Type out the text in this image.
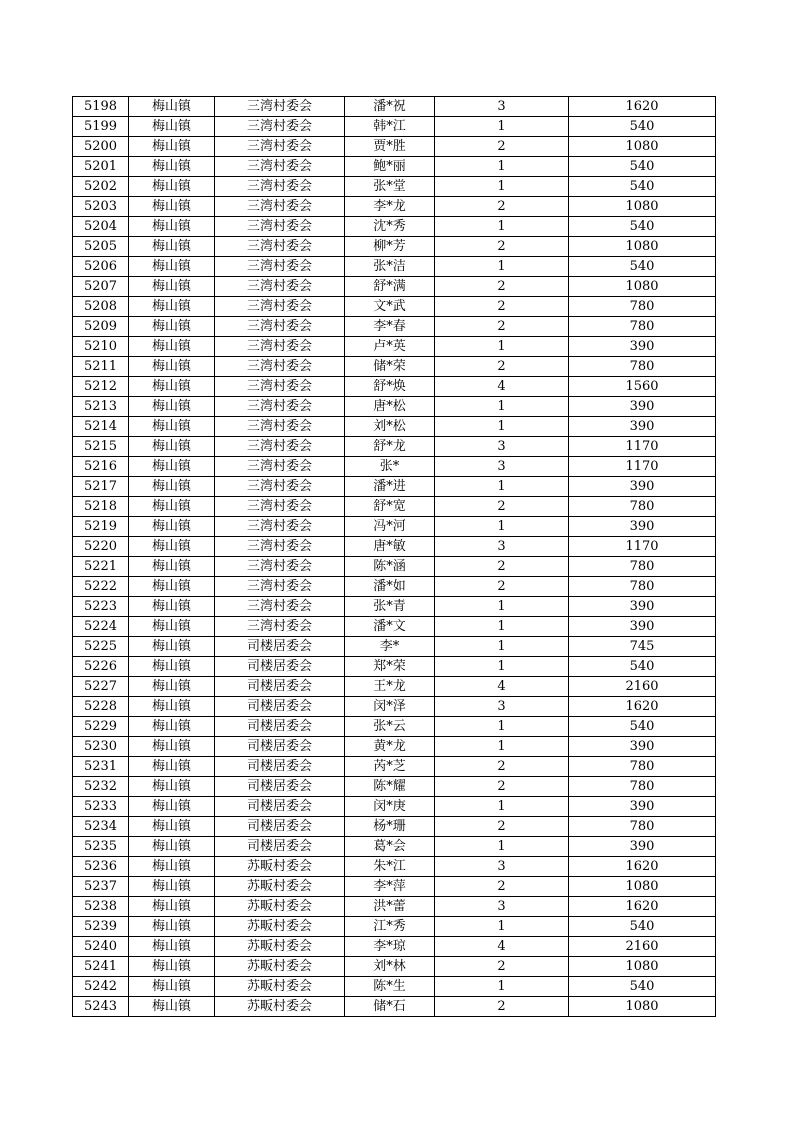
5198	梅山镇	三湾村委会	潘*祝	3	1620
5199	梅山镇	三湾村委会	韩*江	1	540
5200	梅山镇	三湾村委会	贾*胜	2	1080
5201	梅山镇	三湾村委会	鲍*丽	1	540
5202	梅山镇	三湾村委会	张*堂	1	540
5203	梅山镇	三湾村委会	李*龙	2	1080
5204	梅山镇	三湾村委会	沈*秀	1	540
5205	梅山镇	三湾村委会	柳*芳	2	1080
5206	梅山镇	三湾村委会	张*洁	1	540
5207	梅山镇	三湾村委会	舒*满	2	1080
5208	梅山镇	三湾村委会	文*武	2	780
5209	梅山镇	三湾村委会	李*春	2	780
5210	梅山镇	三湾村委会	卢*英	1	390
5211	梅山镇	三湾村委会	储*荣	2	780
5212	梅山镇	三湾村委会	舒*焕	4	1560
5213	梅山镇	三湾村委会	唐*松	1	390
5214	梅山镇	三湾村委会	刘*松	1	390
5215	梅山镇	三湾村委会	舒*龙	3	1170
5216	梅山镇	三湾村委会	张*	3	1170
5217	梅山镇	三湾村委会	潘*进	1	390
5218	梅山镇	三湾村委会	舒*宽	2	780
5219	梅山镇	三湾村委会	冯*河	1	390
5220	梅山镇	三湾村委会	唐*敏	3	1170
5221	梅山镇	三湾村委会	陈*涵	2	780
5222	梅山镇	三湾村委会	潘*如	2	780
5223	梅山镇	三湾村委会	张*青	1	390
5224	梅山镇	三湾村委会	潘*文	1	390
5225	梅山镇	司楼居委会	李*	1	745
5226	梅山镇	司楼居委会	郑*荣	1	540
5227	梅山镇	司楼居委会	王*龙	4	2160
5228	梅山镇	司楼居委会	闵*泽	3	1620
5229	梅山镇	司楼居委会	张*云	1	540
5230	梅山镇	司楼居委会	黄*龙	1	390
5231	梅山镇	司楼居委会	芮*芝	2	780
5232	梅山镇	司楼居委会	陈*耀	2	780
5233	梅山镇	司楼居委会	闵*庚	1	390
5234	梅山镇	司楼居委会	杨*珊	2	780
5235	梅山镇	司楼居委会	葛*会	1	390
5236	梅山镇	苏畈村委会	朱*江	3	1620
5237	梅山镇	苏畈村委会	李*萍	2	1080
5238	梅山镇	苏畈村委会	洪*蕾	3	1620
5239	梅山镇	苏畈村委会	江*秀	1	540
5240	梅山镇	苏畈村委会	李*琼	4	2160
5241	梅山镇	苏畈村委会	刘*林	2	1080
5242	梅山镇	苏畈村委会	陈*生	1	540
5243	梅山镇	苏畈村委会	储*石	2	1080
